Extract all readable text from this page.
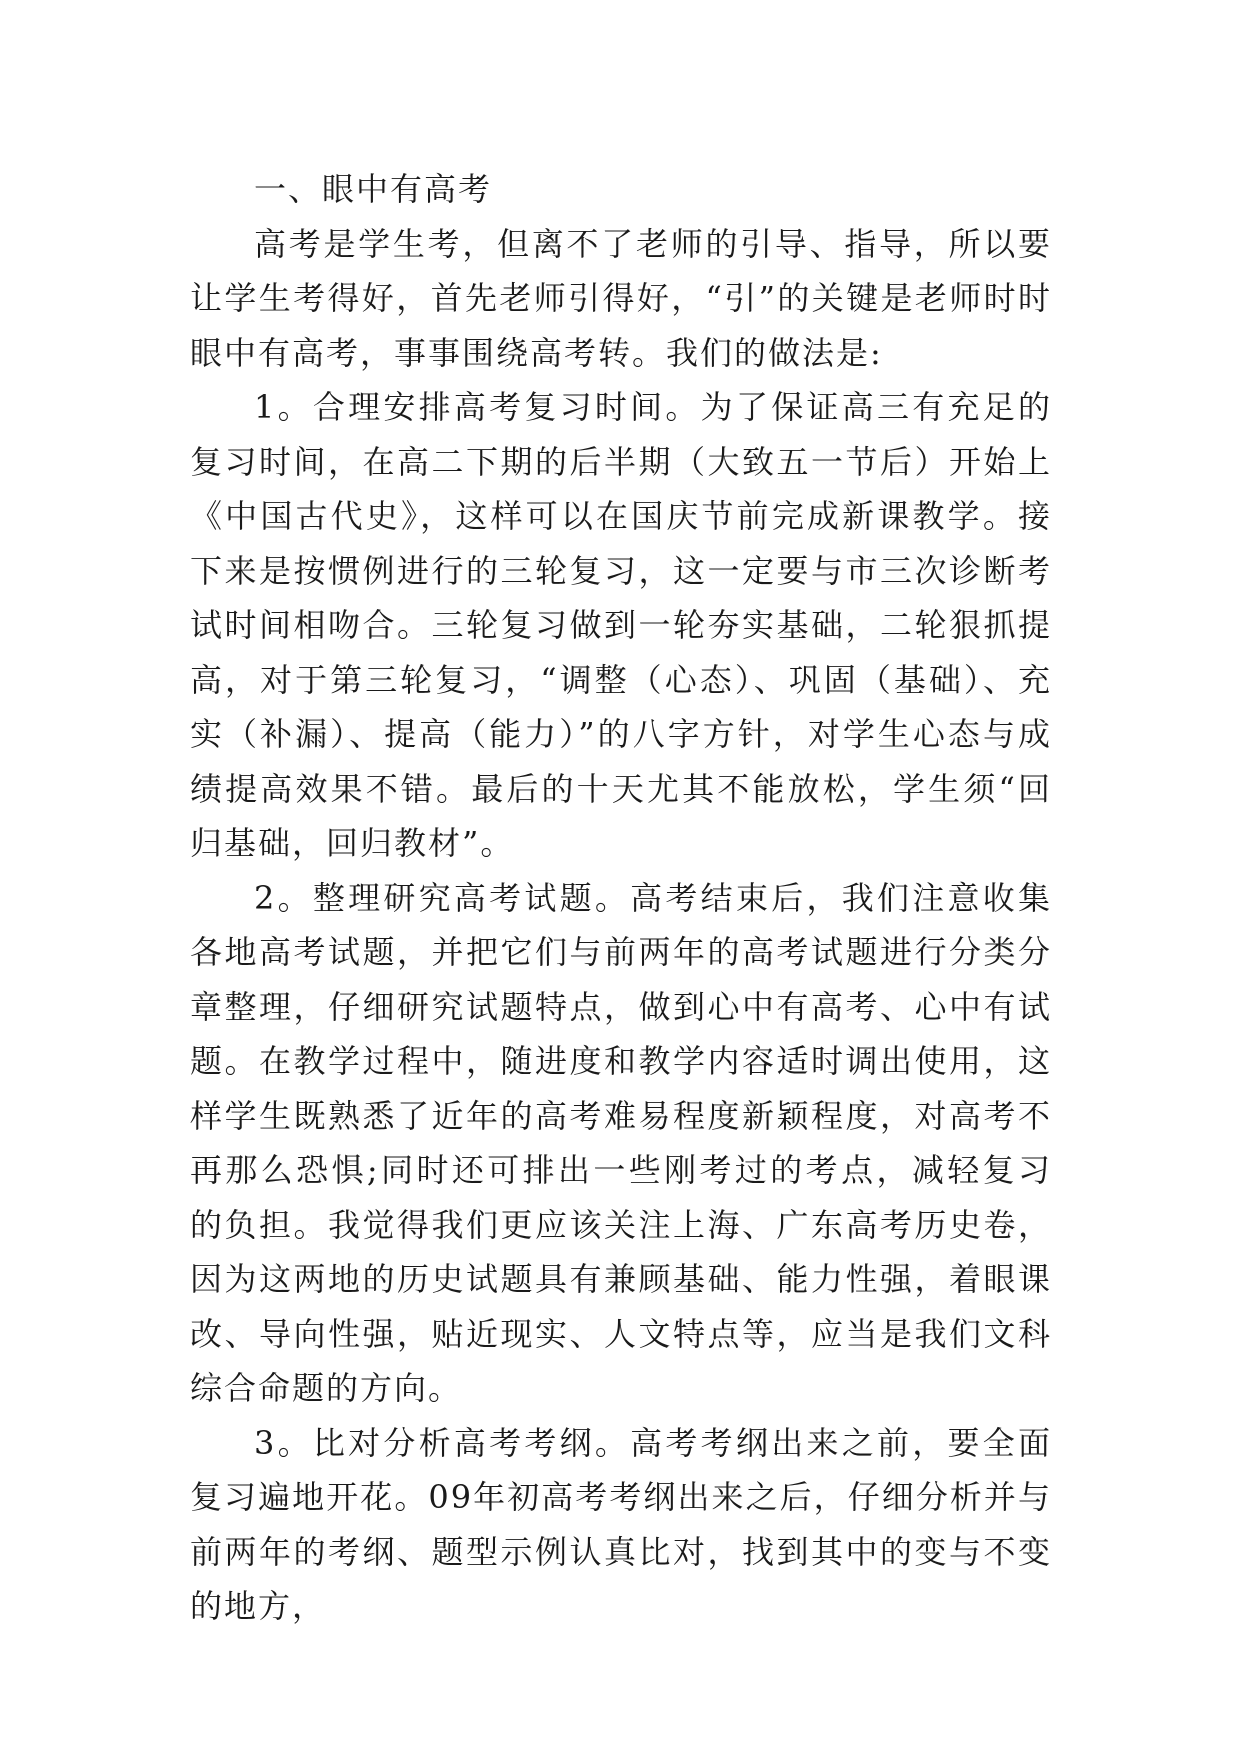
一、眼中有高考

高考是学生考，但离不了老师的引导、指导，所以要让学生考得好，首先老师引得好，“引”的关键是老师时时眼中有高考，事事围绕高考转。我们的做法是:

1。合理安排高考复习时间。为了保证高三有充足的复习时间，在高二下期的后半期（大致五一节后）开始上《中国古代史》，这样可以在国庆节前完成新课教学。接下来是按惯例进行的三轮复习，这一定要与市三次诊断考试时间相吻合。三轮复习做到一轮夯实基础，二轮狠抓提高，对于第三轮复习，“调整（心态）、巩固（基础）、充实（补漏）、提高（能力）”的八字方针，对学生心态与成绩提高效果不错。最后的十天尤其不能放松，学生须“回归基础，回归教材”。

2。整理研究高考试题。高考结束后，我们注意收集各地高考试题，并把它们与前两年的高考试题进行分类分章整理，仔细研究试题特点，做到心中有高考、心中有试题。在教学过程中，随进度和教学内容适时调出使用，这样学生既熟悉了近年的高考难易程度新颖程度，对高考不再那么恐惧;同时还可排出一些刚考过的考点，减轻复习的负担。我觉得我们更应该关注上海、广东高考历史卷，因为这两地的历史试题具有兼顾基础、能力性强，着眼课改、导向性强，贴近现实、人文特点等，应当是我们文科综合命题的方向。

3。比对分析高考考纲。高考考纲出来之前，要全面复习遍地开花。09年初高考考纲出来之后，仔细分析并与前两年的考纲、题型示例认真比对，找到其中的变与不变的地方，
